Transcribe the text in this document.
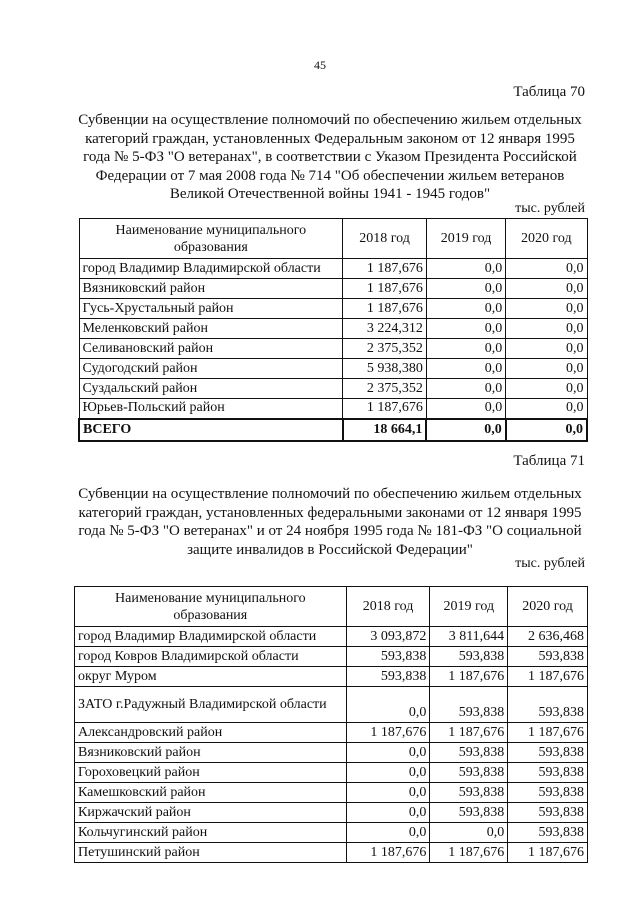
45
Таблица 70
Субвенции на осуществление полномочий по обеспечению жильем отдельных
категорий граждан, установленных Федеральным законом от 12 января 1995
года № 5-ФЗ "О ветеранах", в соответствии с Указом Президента Российской
Федерации от 7 мая 2008 года № 714 "Об обеспечении жильем ветеранов
Великой Отечественной войны 1941 - 1945 годов"
тыс. рублей
Наименование муниципального образования	2018 год	2019 год	2020 год
город Владимир Владимирской области	1 187,676	0,0	0,0
Вязниковский район	1 187,676	0,0	0,0
Гусь-Хрустальный район	1 187,676	0,0	0,0
Меленковский район	3 224,312	0,0	0,0
Селивановский район	2 375,352	0,0	0,0
Судогодский район	5 938,380	0,0	0,0
Суздальский район	2 375,352	0,0	0,0
Юрьев-Польский район	1 187,676	0,0	0,0
ВСЕГО	18 664,1	0,0	0,0
Таблица 71
Субвенции на осуществление полномочий по обеспечению жильем отдельных
категорий граждан, установленных федеральными законами от 12 января 1995
года № 5-ФЗ "О ветеранах" и от 24 ноября 1995 года № 181-ФЗ "О социальной
защите инвалидов в Российской Федерации"
тыс. рублей
Наименование муниципального образования	2018 год	2019 год	2020 год
город Владимир Владимирской области	3 093,872	3 811,644	2 636,468
город Ковров Владимирской области	593,838	593,838	593,838
округ Муром	593,838	1 187,676	1 187,676
ЗАТО г.Радужный Владимирской области	0,0	593,838	593,838
Александровский район	1 187,676	1 187,676	1 187,676
Вязниковский район	0,0	593,838	593,838
Гороховецкий район	0,0	593,838	593,838
Камешковский район	0,0	593,838	593,838
Киржачский район	0,0	593,838	593,838
Кольчугинский район	0,0	0,0	593,838
Петушинский район	1 187,676	1 187,676	1 187,676
